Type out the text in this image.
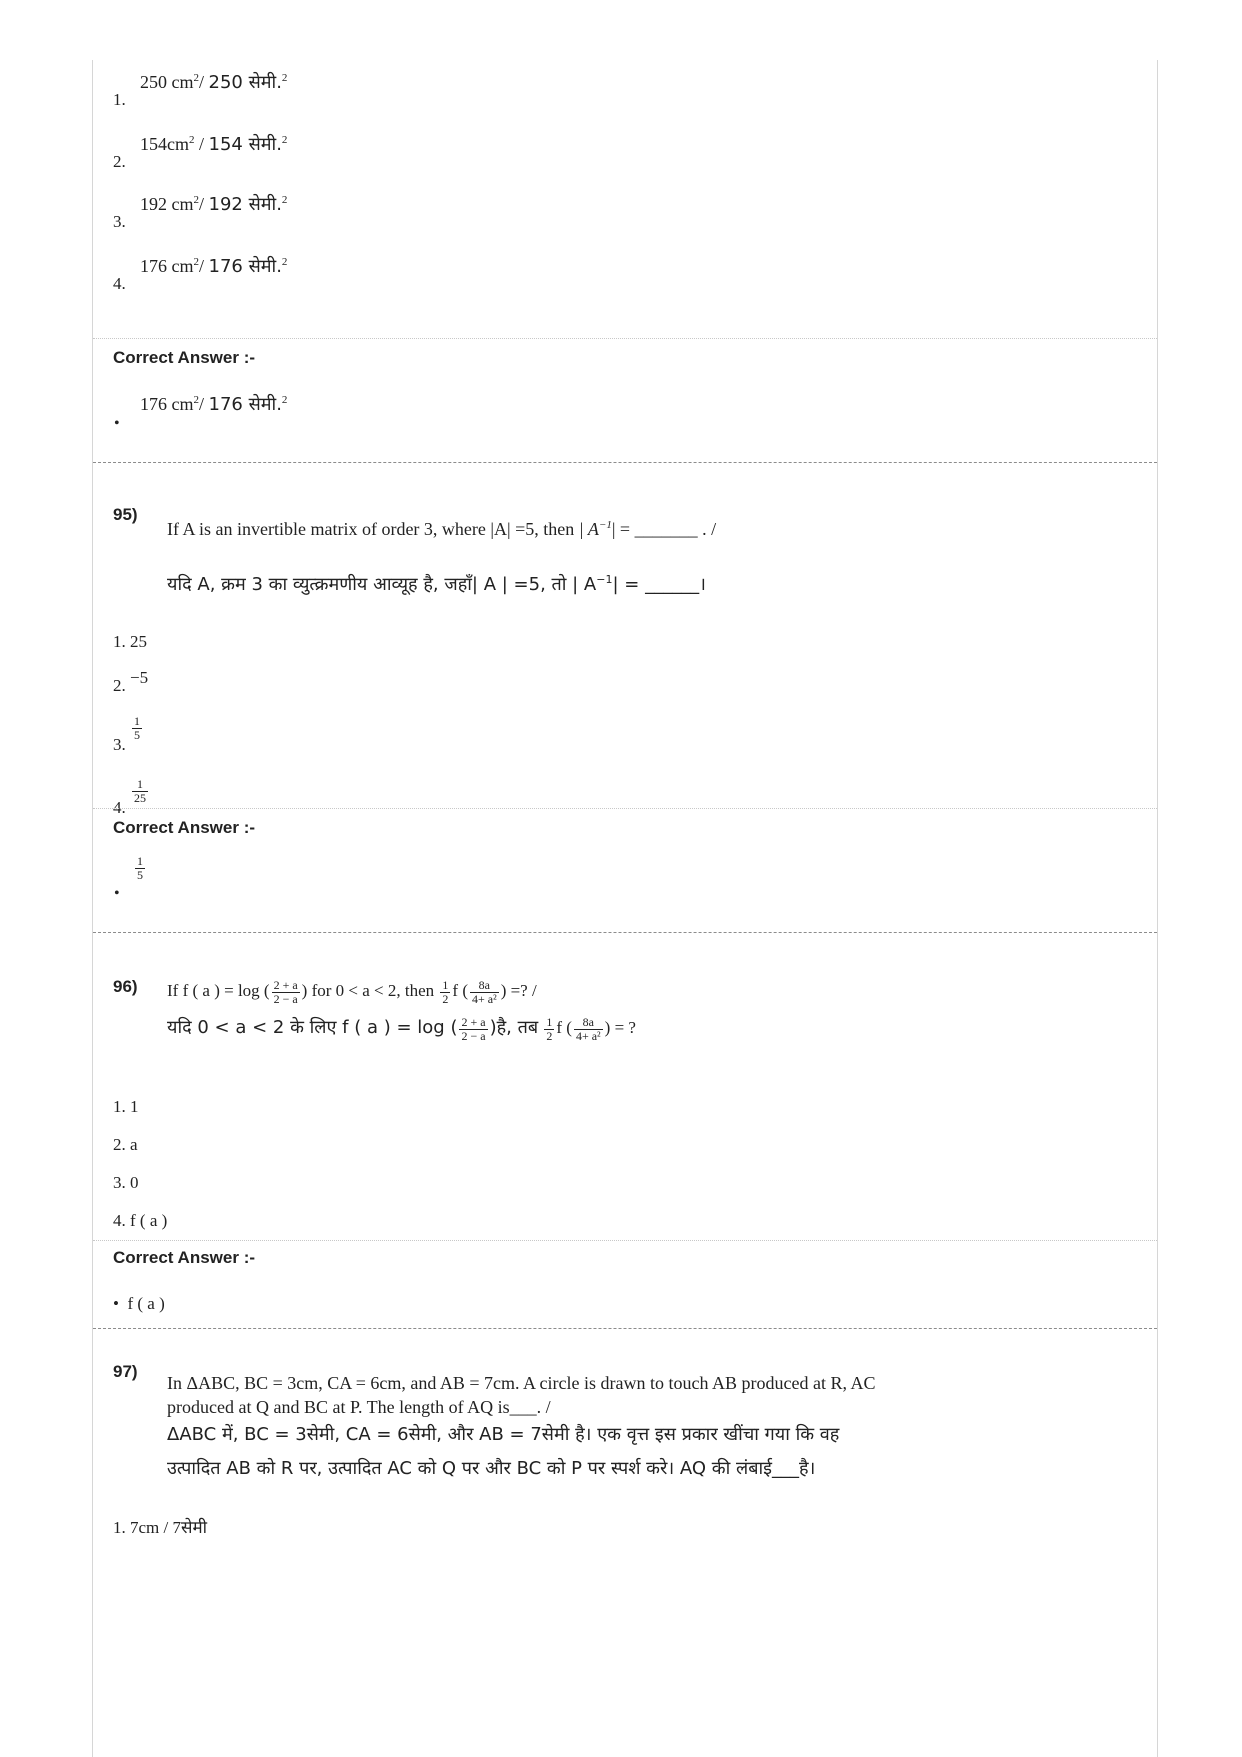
1.
250 $cm^2/$ 250 सेमी.$^2$
2.
$154cm^2 / 154$ सेमी.$^2$
3.
192 $cm^2/$ 192 सेमी.$^2$
4.
176 $cm^2/$ 176 सेमी.$^2$
Correct Answer :-
•
176 $cm^2/$ 176 सेमी.$^2$
95)
If A is an invertible matrix of order 3, where |A| =5, then | $A^{-1}|$ = _______ . /
यदि A, क्रम 3 का व्युत्क्रमणीय आव्यूह है, जहाँ| A | =5, तो | $A^{-1}|$ = ______।
1. 25
2. −5
3.
$\frac{1}{5}$
4.
$\frac{1}{25}$
Correct Answer :-
•
$\frac{1}{5}$
96) If f ( a ) = log ( $\frac{2 + a}{2 - a}$ ) for 0 < a < 2, then $\frac{1}{2}$ f ( $\frac{8a}{\text{4+ a²}}$ ) =? /
यदि 0 < a < 2 के लिए f ( a ) = log ( $\frac{2 + a}{2 - a}$ )है, तब $\frac{1}{2}$ f ( $\frac{8a}{\text{4+ a²}}$ ) = ?
1. 1
2. a
3. 0
4. f ( a )
Correct Answer :-
•  f ( a )
97)
In ΔABC, BC = 3cm, CA = 6cm, and AB = 7cm. A circle is drawn to touch AB produced at R, AC
produced at Q and BC at P. The length of AQ is___. /
ΔABC में, BC = 3सेमी, CA = 6सेमी, और AB = 7सेमी है। एक वृत्त इस प्रकार खींचा गया कि वह
उत्पादित AB को R पर, उत्पादित AC को Q पर और BC को P पर स्पर्श करे। AQ की लंबाई___है।
1. 7cm / 7सेमी
